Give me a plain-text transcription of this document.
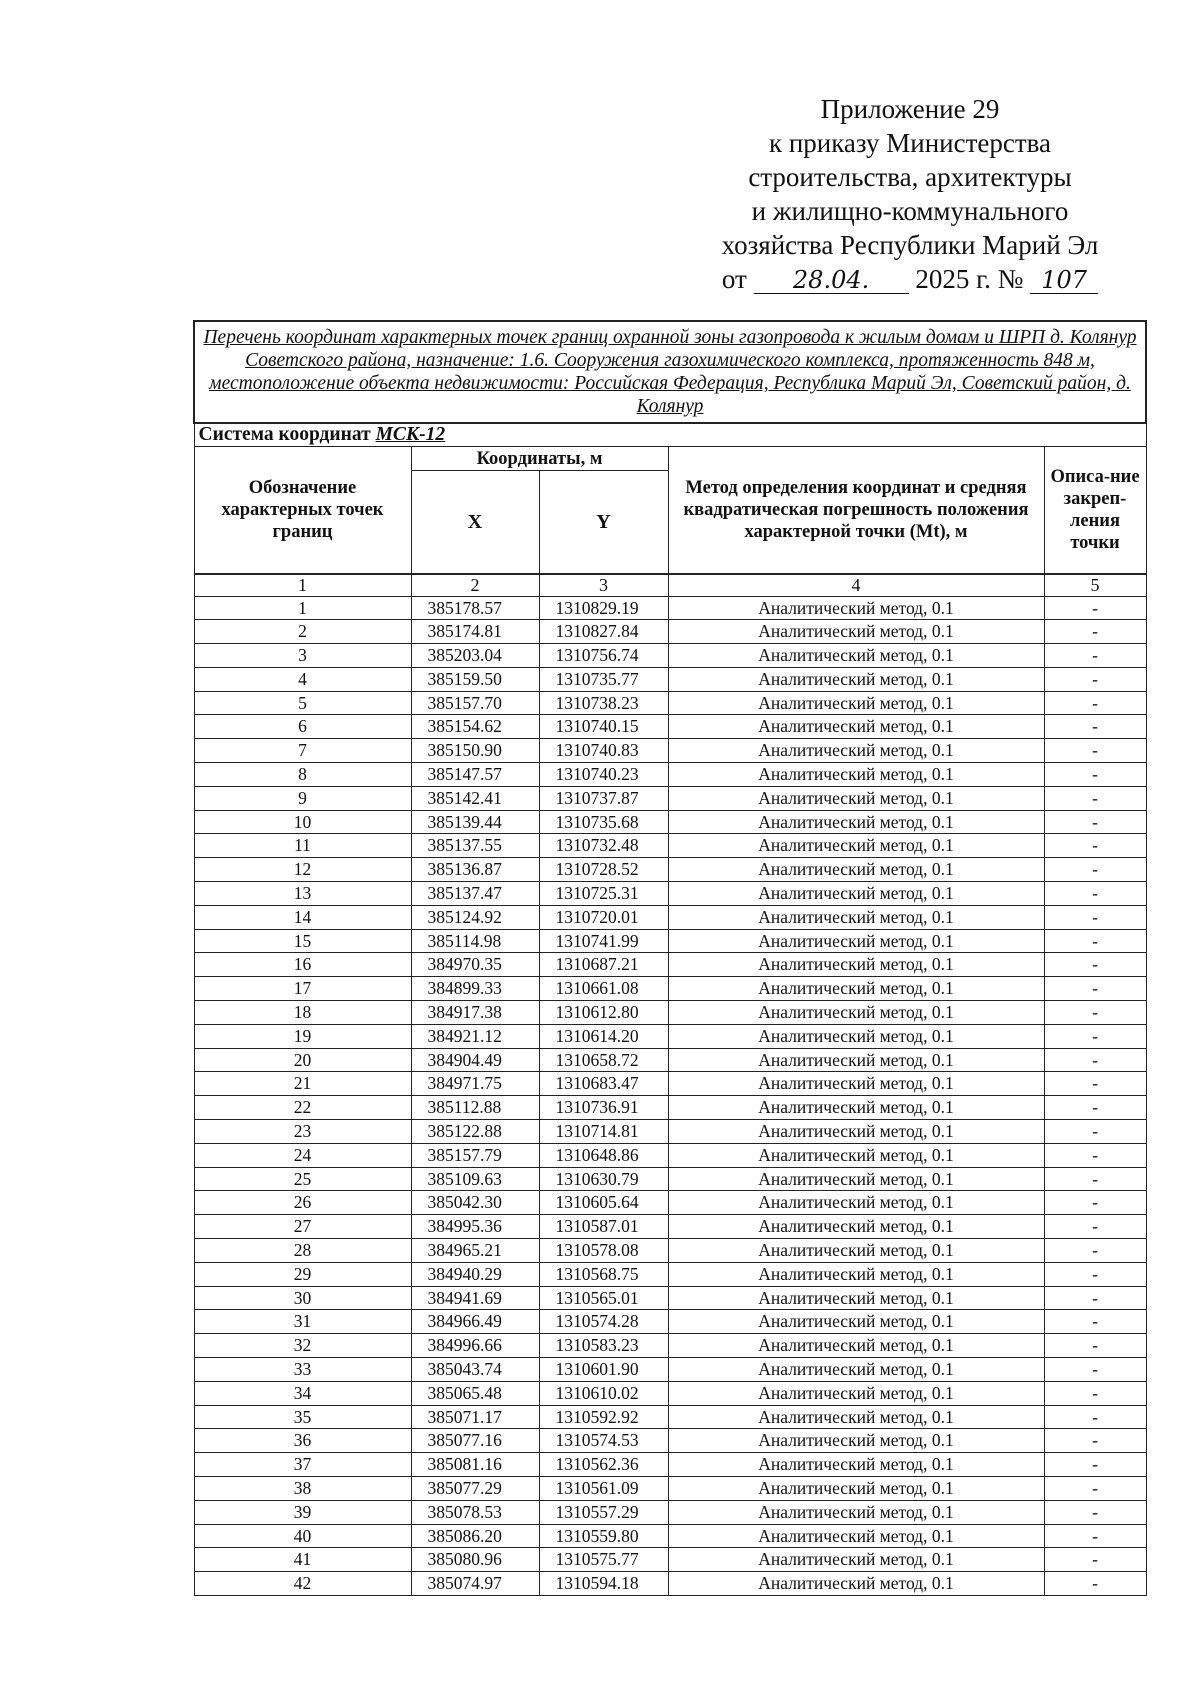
Приложение 29
к приказу Министерства
строительства, архитектуры
и жилищно-коммунального
хозяйства Республики Марий Эл
от 28.04. 2025 г. № 107
Перечень координат характерных точек границ охранной зоны газопровода к жилым домам и ШРП д. Колянур Советского района, назначение: 1.6. Сооружения газохимического комплекса, протяженность 848 м, местоположение объекта недвижимости: Российская Федерация, Республика Марий Эл, Советский район, д. Колянур				
Система координат МСК-12				
Обозначение характерных точек границ	Координаты, м		Метод определения координат и средняя квадратическая погрешность положения характерной точки (Mt), м	Описа-ние закреп-ления точки
	X	Y		
1	2	3	4	5
1	385178.57	1310829.19	Аналитический метод, 0.1	-
2	385174.81	1310827.84	Аналитический метод, 0.1	-
3	385203.04	1310756.74	Аналитический метод, 0.1	-
4	385159.50	1310735.77	Аналитический метод, 0.1	-
5	385157.70	1310738.23	Аналитический метод, 0.1	-
6	385154.62	1310740.15	Аналитический метод, 0.1	-
7	385150.90	1310740.83	Аналитический метод, 0.1	-
8	385147.57	1310740.23	Аналитический метод, 0.1	-
9	385142.41	1310737.87	Аналитический метод, 0.1	-
10	385139.44	1310735.68	Аналитический метод, 0.1	-
11	385137.55	1310732.48	Аналитический метод, 0.1	-
12	385136.87	1310728.52	Аналитический метод, 0.1	-
13	385137.47	1310725.31	Аналитический метод, 0.1	-
14	385124.92	1310720.01	Аналитический метод, 0.1	-
15	385114.98	1310741.99	Аналитический метод, 0.1	-
16	384970.35	1310687.21	Аналитический метод, 0.1	-
17	384899.33	1310661.08	Аналитический метод, 0.1	-
18	384917.38	1310612.80	Аналитический метод, 0.1	-
19	384921.12	1310614.20	Аналитический метод, 0.1	-
20	384904.49	1310658.72	Аналитический метод, 0.1	-
21	384971.75	1310683.47	Аналитический метод, 0.1	-
22	385112.88	1310736.91	Аналитический метод, 0.1	-
23	385122.88	1310714.81	Аналитический метод, 0.1	-
24	385157.79	1310648.86	Аналитический метод, 0.1	-
25	385109.63	1310630.79	Аналитический метод, 0.1	-
26	385042.30	1310605.64	Аналитический метод, 0.1	-
27	384995.36	1310587.01	Аналитический метод, 0.1	-
28	384965.21	1310578.08	Аналитический метод, 0.1	-
29	384940.29	1310568.75	Аналитический метод, 0.1	-
30	384941.69	1310565.01	Аналитический метод, 0.1	-
31	384966.49	1310574.28	Аналитический метод, 0.1	-
32	384996.66	1310583.23	Аналитический метод, 0.1	-
33	385043.74	1310601.90	Аналитический метод, 0.1	-
34	385065.48	1310610.02	Аналитический метод, 0.1	-
35	385071.17	1310592.92	Аналитический метод, 0.1	-
36	385077.16	1310574.53	Аналитический метод, 0.1	-
37	385081.16	1310562.36	Аналитический метод, 0.1	-
38	385077.29	1310561.09	Аналитический метод, 0.1	-
39	385078.53	1310557.29	Аналитический метод, 0.1	-
40	385086.20	1310559.80	Аналитический метод, 0.1	-
41	385080.96	1310575.77	Аналитический метод, 0.1	-
42	385074.97	1310594.18	Аналитический метод, 0.1	-
